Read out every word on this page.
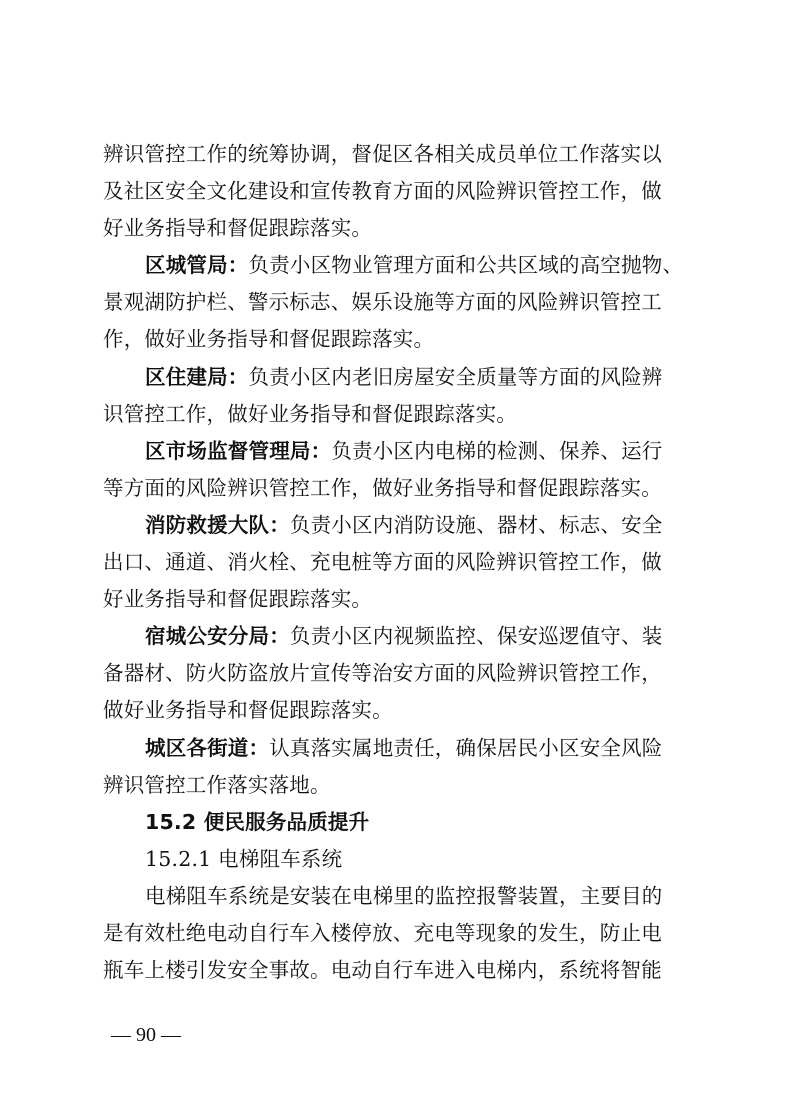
辨识管控工作的统筹协调，督促区各相关成员单位工作落实以
及社区安全文化建设和宣传教育方面的风险辨识管控工作，做
好业务指导和督促跟踪落实。

区城管局：负责小区物业管理方面和公共区域的高空抛物、
景观湖防护栏、警示标志、娱乐设施等方面的风险辨识管控工
作，做好业务指导和督促跟踪落实。

区住建局：负责小区内老旧房屋安全质量等方面的风险辨
识管控工作，做好业务指导和督促跟踪落实。

区市场监督管理局：负责小区内电梯的检测、保养、运行
等方面的风险辨识管控工作，做好业务指导和督促跟踪落实。

消防救援大队：负责小区内消防设施、器材、标志、安全
出口、通道、消火栓、充电桩等方面的风险辨识管控工作，做
好业务指导和督促跟踪落实。

宿城公安分局：负责小区内视频监控、保安巡逻值守、装
备器材、防火防盗放片宣传等治安方面的风险辨识管控工作，
做好业务指导和督促跟踪落实。

城区各街道：认真落实属地责任，确保居民小区安全风险
辨识管控工作落实落地。

15.2 便民服务品质提升
15.2.1 电梯阻车系统

电梯阻车系统是安装在电梯里的监控报警装置，主要目的
是有效杜绝电动自行车入楼停放、充电等现象的发生，防止电
瓶车上楼引发安全事故。电动自行车进入电梯内，系统将智能

— 90 —
